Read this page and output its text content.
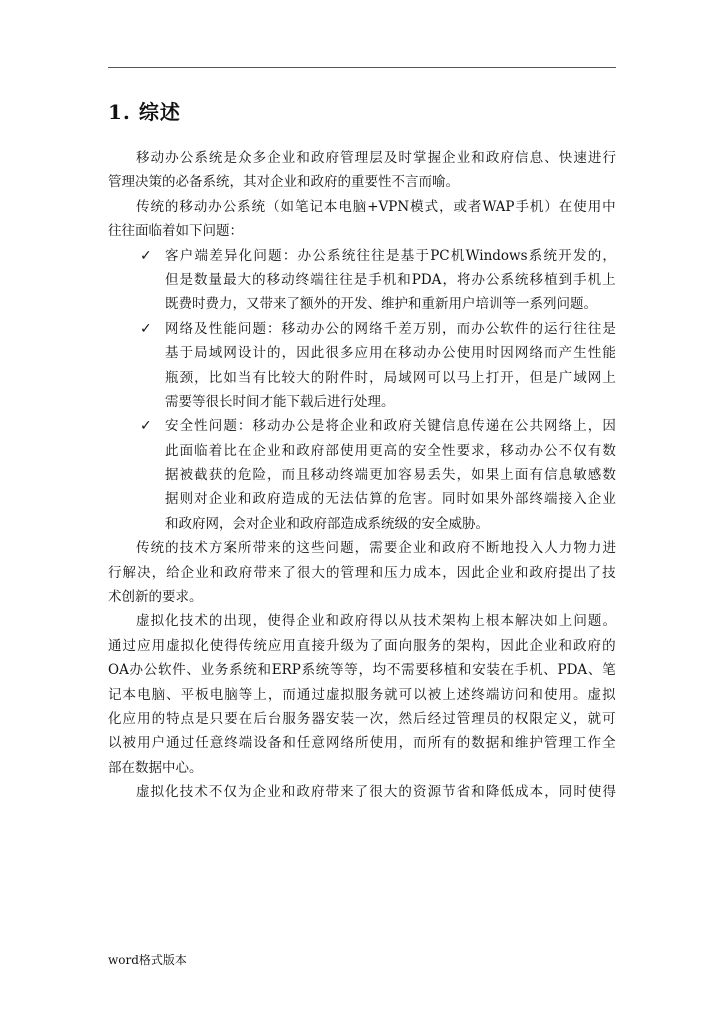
1. 综述
移 动 办 公 系 统 是 众 多 企 业 和 政 府 管 理 层 及 时 掌 握 企 业 和 政 府 信 息 、 快 速 进 行
管理决策的必备系统，其对企业和政府的重要性不言而喻。
传 统 的 移 动 办 公 系 统 （ 如 笔 记 本 电 脑 +VPN 模 式 ， 或 者 WAP 手 机 ） 在 使 用 中
往往面临着如下问题：
客 户 端 差 异 化 问 题 ： 办 公 系 统 往 往 是 基 于 PC 机 Windows 系 统 开 发 的 ，
但 是 数 量 最 大 的 移 动 终 端 往 往 是 手 机 和 PDA ， 将 办 公 系 统 移 植 到 手 机 上
既费时费力，又带来了额外的开发、维护和重新用户培训等一系列问题。
✓
网 络 及 性 能 问 题 ： 移 动 办 公 的 网 络 千 差 万 别 ， 而 办 公 软 件 的 运 行 往 往 是
基 于 局 域 网 设 计 的 ， 因 此 很 多 应 用 在 移 动 办 公 使 用 时 因 网 络 而 产 生 性 能
瓶 颈 ， 比 如 当 有 比 较 大 的 附 件 时 ， 局 域 网 可 以 马 上 打 开 ， 但 是 广 域 网 上
需要等很长时间才能下载后进行处理。
✓
安 全 性 问 题 ： 移 动 办 公 是 将 企 业 和 政 府 关 键 信 息 传 递 在 公 共 网 络 上 ， 因
此 面 临 着 比 在 企 业 和 政 府 部 使 用 更 高 的 安 全 性 要 求 ， 移 动 办 公 不 仅 有 数
据 被 截 获 的 危 险 ， 而 且 移 动 终 端 更 加 容 易 丢 失 ， 如 果 上 面 有 信 息 敏 感 数
据 则 对 企 业 和 政 府 造 成 的 无 法 估 算 的 危 害 。 同 时 如 果 外 部 终 端 接 入 企 业
和政府网，会对企业和政府部造成系统级的安全威胁。
✓
传 统 的 技 术 方 案 所 带 来 的 这 些 问 题 ， 需 要 企 业 和 政 府 不 断 地 投 入 人 力 物 力 进
行 解 决 ， 给 企 业 和 政 府 带 来 了 很 大 的 管 理 和 压 力 成 本 ， 因 此 企 业 和 政 府 提 出 了 技
术创新的要求。
虚 拟 化 技 术 的 出 现 ， 使 得 企 业 和 政 府 得 以 从 技 术 架 构 上 根 本 解 决 如 上 问 题 。
通 过 应 用 虚 拟 化 使 得 传 统 应 用 直 接 升 级 为 了 面 向 服 务 的 架 构 ， 因 此 企 业 和 政 府 的
OA 办 公 软 件 、 业 务 系 统 和 ERP 系 统 等 等 ， 均 不 需 要 移 植 和 安 装 在 手 机 、 PDA 、 笔
记 本 电 脑 、 平 板 电 脑 等 上 ， 而 通 过 虚 拟 服 务 就 可 以 被 上 述 终 端 访 问 和 使 用 。 虚 拟
化 应 用 的 特 点 是 只 要 在 后 台 服 务 器 安 装 一 次 ， 然 后 经 过 管 理 员 的 权 限 定 义 ， 就 可
以 被 用 户 通 过 任 意 终 端 设 备 和 任 意 网 络 所 使 用 ， 而 所 有 的 数 据 和 维 护 管 理 工 作 全
部在数据中心。
虚 拟 化 技 术 不 仅 为 企 业 和 政 府 带 来 了 很 大 的 资 源 节 省 和 降 低 成 本 ， 同 时 使 得
word格式版本
